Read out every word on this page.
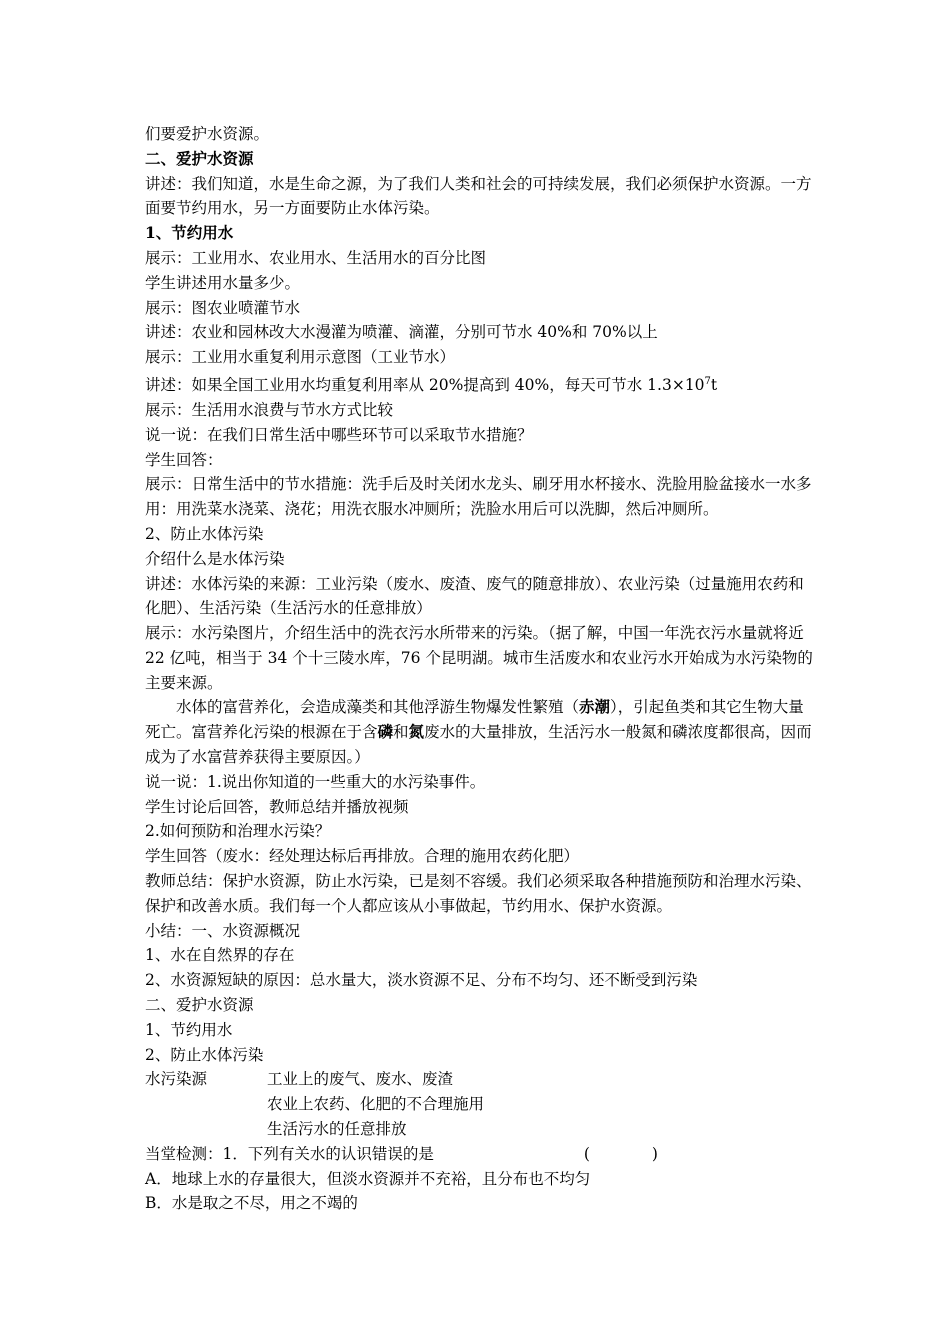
们要爱护水资源。
二、爱护水资源
讲述：我们知道，水是生命之源，为了我们人类和社会的可持续发展，我们必须保护水资源。一方面要节约用水，另一方面要防止水体污染。
1、节约用水
展示：工业用水、农业用水、生活用水的百分比图
学生讲述用水量多少。
展示：图农业喷灌节水
讲述：农业和园林改大水漫灌为喷灌、滴灌，分别可节水 40%和 70%以上
展示：工业用水重复利用示意图（工业节水）
讲述：如果全国工业用水均重复利用率从 20%提高到 40%，每天可节水 $1.3\times 10^7t$
展示：生活用水浪费与节水方式比较
说一说：在我们日常生活中哪些环节可以采取节水措施？
学生回答：
展示：日常生活中的节水措施：洗手后及时关闭水龙头、刷牙用水杯接水、洗脸用脸盆接水一水多用：用洗菜水浇菜、浇花；用洗衣服水冲厕所；洗脸水用后可以洗脚，然后冲厕所。
2、防止水体污染
介绍什么是水体污染
讲述：水体污染的来源：工业污染（废水、废渣、废气的随意排放）、农业污染（过量施用农药和化肥）、生活污染（生活污水的任意排放）
展示：水污染图片，介绍生活中的洗衣污水所带来的污染。（据了解，中国一年洗衣污水量就将近 22 亿吨，相当于 34 个十三陵水库，76 个昆明湖。城市生活废水和农业污水开始成为水污染物的主要来源。
水体的富营养化，会造成藻类和其他浮游生物爆发性繁殖（赤潮），引起鱼类和其它生物大量死亡。富营养化污染的根源在于含磷和氮废水的大量排放，生活污水一般氮和磷浓度都很高，因而成为了水富营养获得主要原因。）
说一说：1.说出你知道的一些重大的水污染事件。
学生讨论后回答，教师总结并播放视频
2.如何预防和治理水污染？
学生回答（废水：经处理达标后再排放。合理的施用农药化肥）
教师总结：保护水资源，防止水污染，已是刻不容缓。我们必须采取各种措施预防和治理水污染、保护和改善水质。我们每一个人都应该从小事做起，节约用水、保护水资源。
小结：一、水资源概况
1、水在自然界的存在
2、水资源短缺的原因：总水量大，淡水资源不足、分布不均匀、还不断受到污染
二、爱护水资源
1、节约用水
2、防止水体污染
水污染源	工业上的废气、废水、废渣
农业上农药、化肥的不合理施用
生活污水的任意排放
当堂检测：1．下列有关水的认识错误的是	(　　　　)
A．地球上水的存量很大，但淡水资源并不充裕，且分布也不均匀
B．水是取之不尽，用之不竭的
